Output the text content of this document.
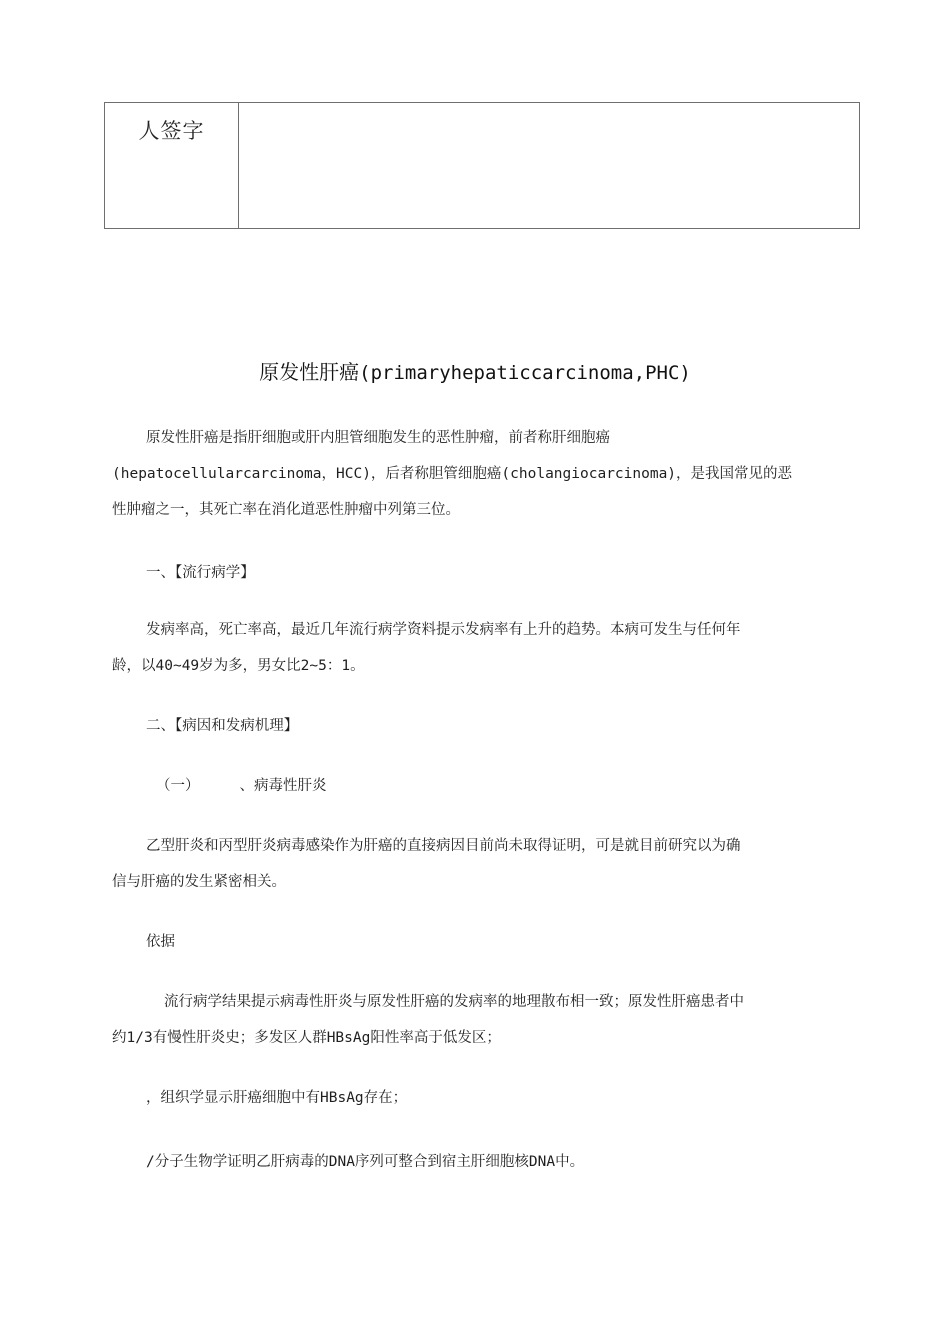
人签字
原发性肝癌(primaryhepaticcarcinoma,PHC)
原发性肝癌是指肝细胞或肝内胆管细胞发生的恶性肿瘤，前者称肝细胞癌
(hepatocellularcarcinoma，HCC)，后者称胆管细胞癌(cholangiocarcinoma)，是我国常见的恶
性肿瘤之一，其死亡率在消化道恶性肿瘤中列第三位。
一、【流行病学】
发病率高，死亡率高，最近几年流行病学资料提示发病率有上升的趋势。本病可发生与任何年
龄，以40~49岁为多，男女比2~5：1。
二、【病因和发病机理】
（一）	、病毒性肝炎
乙型肝炎和丙型肝炎病毒感染作为肝癌的直接病因目前尚未取得证明，可是就目前研究以为确
信与肝癌的发生紧密相关。
依据
流行病学结果提示病毒性肝炎与原发性肝癌的发病率的地理散布相一致；原发性肝癌患者中
约1/3有慢性肝炎史；多发区人群HBsAg阳性率高于低发区；
，组织学显示肝癌细胞中有HBsAg存在；
/分子生物学证明乙肝病毒的DNA序列可整合到宿主肝细胞核DNA中。
